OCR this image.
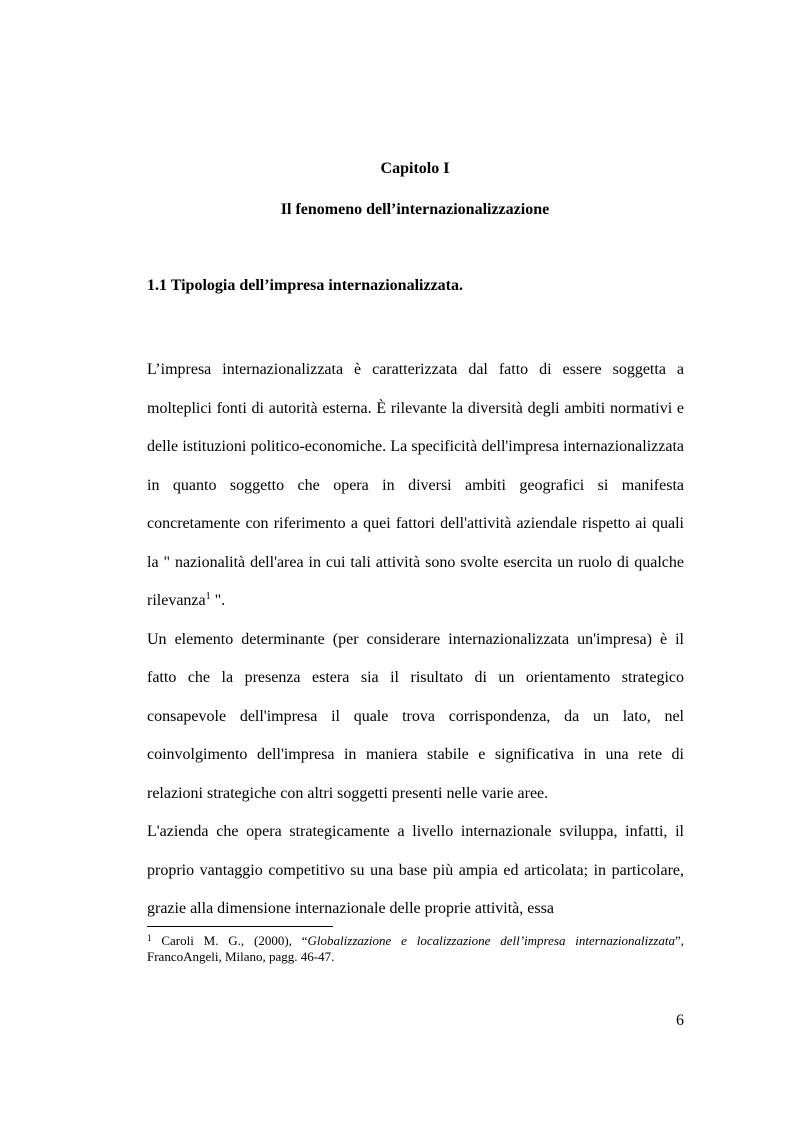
Capitolo I
Il fenomeno dell’internazionalizzazione
1.1 Tipologia dell’impresa internazionalizzata.

L’impresa internazionalizzata è caratterizzata dal fatto di essere soggetta a molteplici fonti di autorità esterna. È rilevante la diversità degli ambiti normativi e delle istituzioni politico-economiche. La specificità dell'impresa internazionalizzata in quanto soggetto che opera in diversi ambiti geografici si manifesta concretamente con riferimento a quei fattori dell'attività aziendale rispetto ai quali la " nazionalità dell'area in cui tali attività sono svolte esercita un ruolo di qualche rilevanza$^1$ ".

Un elemento determinante (per considerare internazionalizzata un'impresa) è il fatto che la presenza estera sia il risultato di un orientamento strategico consapevole dell'impresa il quale trova corrispondenza, da un lato, nel coinvolgimento dell'impresa in maniera stabile e significativa in una rete di relazioni strategiche con altri soggetti presenti nelle varie aree.

L'azienda che opera strategicamente a livello internazionale sviluppa, infatti, il proprio vantaggio competitivo su una base più ampia ed articolata; in particolare, grazie alla dimensione internazionale delle proprie attività, essa

$^1$ Caroli M. G., (2000), “Globalizzazione e localizzazione dell’impresa internazionalizzata”, FrancoAngeli, Milano, pagg. 46-47.
6
